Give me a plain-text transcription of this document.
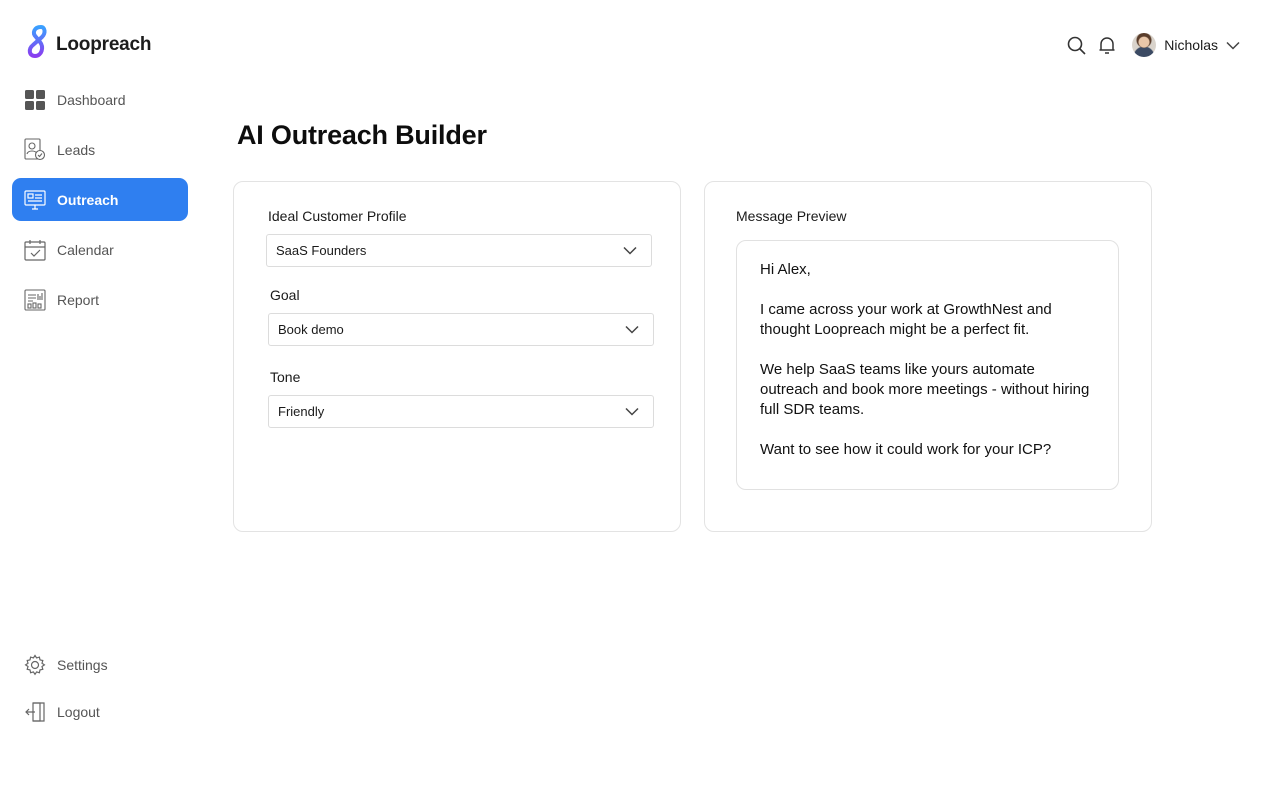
Loopreach
Dashboard
Leads
Outreach
Calendar
Report
Settings
Logout
Nicholas
AI Outreach Builder
Ideal Customer Profile
SaaS Founders
Goal
Book demo
Tone
Friendly
Message Preview

Hi Alex,

I came across your work at GrowthNest and thought Loopreach might be a perfect fit.

We help SaaS teams like yours automate outreach and book more meetings - without hiring full SDR teams.

Want to see how it could work for your ICP?
